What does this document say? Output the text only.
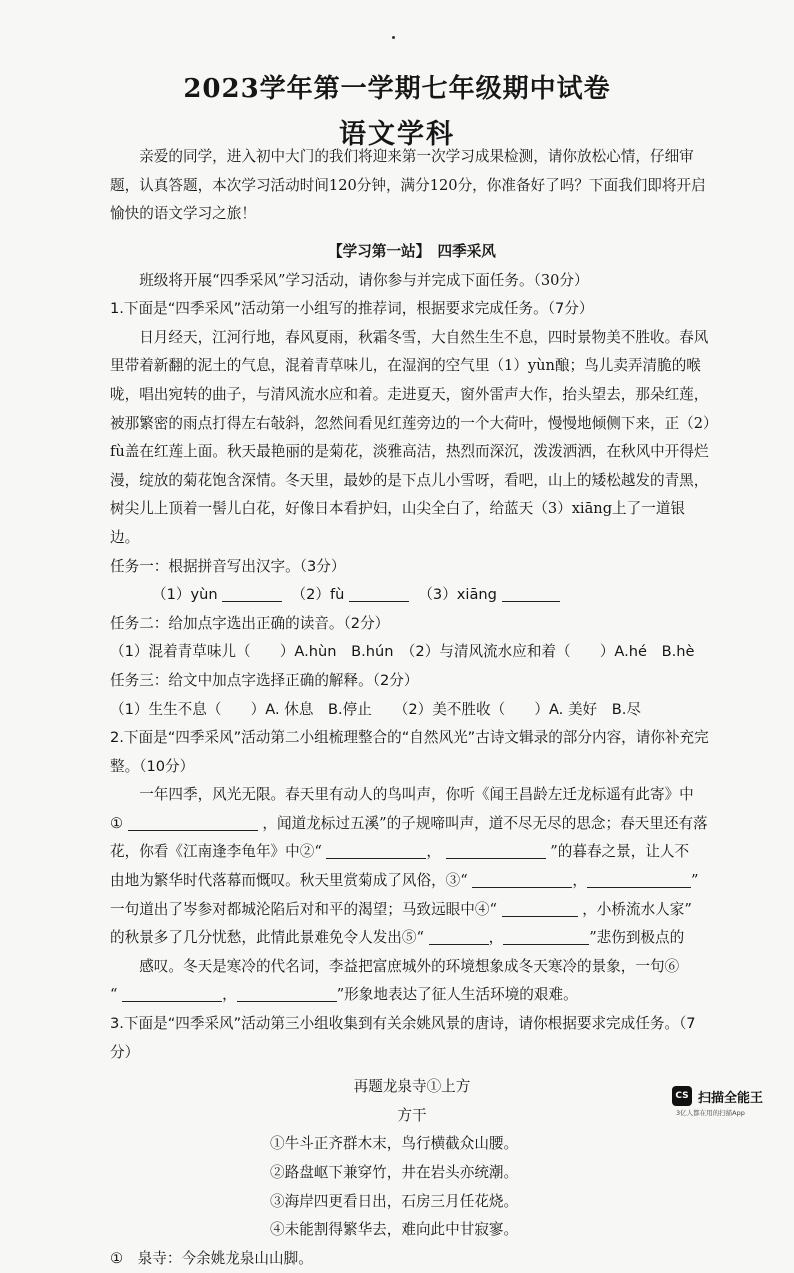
2023学年第一学期七年级期中试卷
语文学科

亲爱的同学，进入初中大门的我们将迎来第一次学习成果检测，请你放松心情，仔细审题，认真答题，本次学习活动时间120分钟，满分120分，你准备好了吗？下面我们即将开启愉快的语文学习之旅！

【学习第一站】　四季采风

班级将开展“四季采风”学习活动，请你参与并完成下面任务。（30分）

1.下面是“四季采风”活动第一小组写的推荐词，根据要求完成任务。（7分）

日月经天，江河行地，春风夏雨，秋霜冬雪，大自然生生不息，四时景物美不胜收。春风里带着新翻的泥土的气息，混着青草味儿，在湿润的空气里（1）yùn酿；鸟儿卖弄清脆的喉咙，唱出宛转的曲子，与清风流水应和着。走进夏天，窗外雷声大作，抬头望去，那朵红莲，被那繁密的雨点打得左右敧斜，忽然间看见红莲旁边的一个大荷叶，慢慢地倾侧下来，正（2）fù盖在红莲上面。秋天最艳丽的是菊花，淡雅高洁，热烈而深沉，泼泼洒洒，在秋风中开得烂漫，绽放的菊花饱含深情。冬天里，最妙的是下点儿小雪呀，看吧，山上的矮松越发的青黑，树尖儿上顶着一髻儿白花，好像日本看护妇，山尖全白了，给蓝天（3）xiāng上了一道银边。

任务一：根据拼音写出汉字。（3分）

（1）yùn	（2）fù	（3）xiāng

任务二：给加点字选出正确的读音。（2分）

（1）混着青草味儿（　　）A.hùn　B.hún　（2）与清风流水应和着（　　）A.hé　B.hè

任务三：给文中加点字选择正确的解释。（2分）

（1）生生不息（　　）A. 休息　B.停止　　（2）美不胜收（　　）A. 美好　B.尽

2.下面是“四季采风”活动第二小组梳理整合的“自然风光”古诗文辑录的部分内容，请你补充完整。（10分）

一年四季，风光无限。春天里有动人的鸟叫声，你听《闻王昌龄左迁龙标遥有此寄》中

①	，闻道龙标过五溪”的子规啼叫声，道不尽无尽的思念；春天里还有落

花，你看《江南逢李龟年》中②“	，	”的暮春之景，让人不

由地为繁华时代落幕而慨叹。秋天里赏菊成了风俗，③“	，	”

一句道出了岑参对都城沦陷后对和平的渴望；马致远眼中④“	，小桥流水人家”

的秋景多了几分忧愁，此情此景难免令人发出⑤“	，	”悲伤到极点的

感叹。冬天是寒冷的代名词，李益把富庶城外的环境想象成冬天寒冷的景象，一句⑥

“	，	”形象地表达了征人生活环境的艰难。

3.下面是“四季采风”活动第三小组收集到有关余姚风景的唐诗，请你根据要求完成任务。（7分）

再题龙泉寺①上方

方干

①牛斗正齐群木末，鸟行横截众山腰。

②路盘岖下兼穿竹，井在岩头亦统潮。

③海岸四更看日出，石房三月任花烧。

④未能割得繁华去，难向此中甘寂寥。

①　泉寺：今余姚龙泉山山脚。

CS 扫描全能王
3亿人都在用的扫描App
